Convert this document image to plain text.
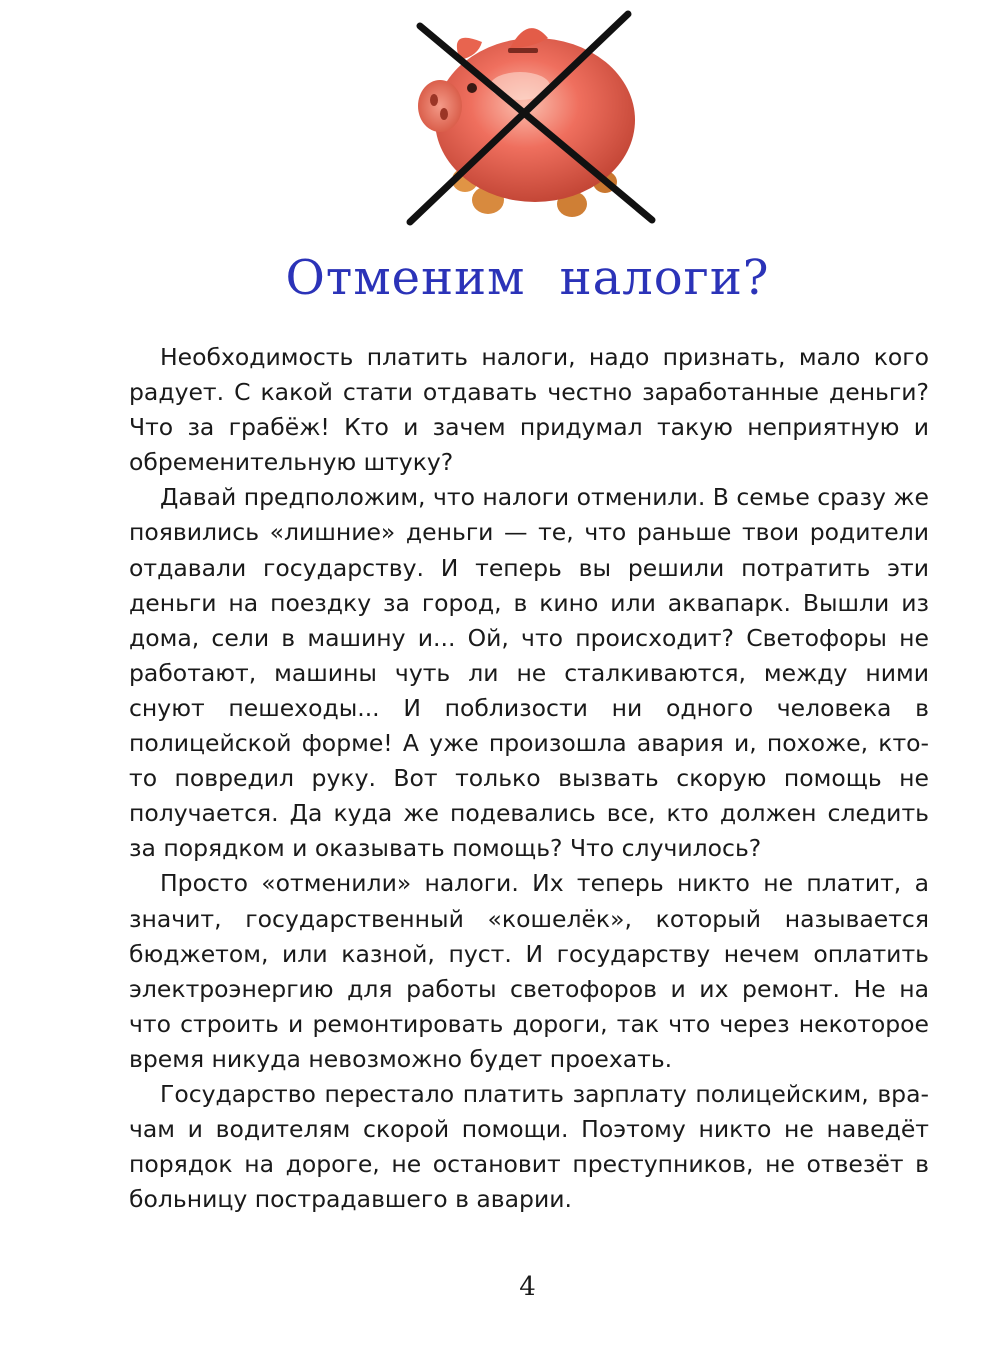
Отменим налоги?

Необходимость платить налоги, надо признать, мало кого радует. С какой стати отдавать честно заработанные деньги? Что за грабёж! Кто и зачем придумал такую неприятную и обременительную штуку?

Давай предположим, что налоги отменили. В семье сразу же появились «лишние» деньги — те, что раньше твои родители отдавали государству. И теперь вы решили потратить эти деньги на поездку за город, в кино или аквапарк. Вышли из дома, сели в машину и... Ой, что происходит? Светофоры не работают, машины чуть ли не сталкиваются, между ними снуют пешеходы... И поблизости ни одного человека в полицейской форме! А уже произошла авария и, похоже, кто-то повредил руку. Вот только вызвать скорую помощь не получается. Да куда же подевались все, кто должен следить за порядком и оказывать помощь? Что случилось?

Просто «отменили» налоги. Их теперь никто не платит, а значит, государственный «кошелёк», который называется бюджетом, или казной, пуст. И государству нечем оплатить электроэнергию для работы светофоров и их ремонт. Не на что строить и ремонтировать дороги, так что через некоторое время никуда невозможно будет проехать.

Государство перестало платить зарплату полицейским, врачам и водителям скорой помощи. Поэтому никто не наведёт порядок на дороге, не остановит преступников, не отвезёт в больницу пострадавшего в аварии.

4
